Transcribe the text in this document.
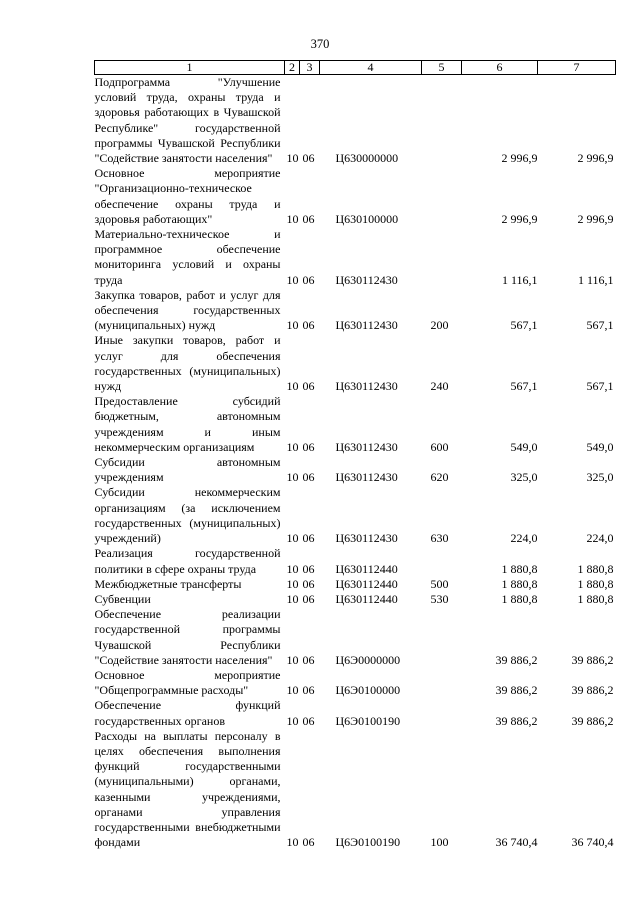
370
1	2	3	4	5	6	7
Подпрограмма "Улучшение условий труда, охраны труда и здоровья работающих в Чувашской Республике" государственной программы Чувашской Республики "Содействие занятости населения"	10	06	Ц630000000		2 996,9	2 996,9
Основное мероприятие "Организационно-техническое обеспечение охраны труда и здоровья работающих"	10	06	Ц630100000		2 996,9	2 996,9
Материально-техническое и программное обеспечение мониторинга условий и охраны труда	10	06	Ц630112430		1 116,1	1 116,1
Закупка товаров, работ и услуг для обеспечения государственных (муниципальных) нужд	10	06	Ц630112430	200	567,1	567,1
Иные закупки товаров, работ и услуг для обеспечения государственных (муниципальных) нужд	10	06	Ц630112430	240	567,1	567,1
Предоставление субсидий бюджетным, автономным учреждениям и иным некоммерческим организациям	10	06	Ц630112430	600	549,0	549,0
Субсидии автономным учреждениям	10	06	Ц630112430	620	325,0	325,0
Субсидии некоммерческим организациям (за исключением государственных (муниципальных) учреждений)	10	06	Ц630112430	630	224,0	224,0
Реализация государственной политики в сфере охраны труда	10	06	Ц630112440		1 880,8	1 880,8
Межбюджетные трансферты	10	06	Ц630112440	500	1 880,8	1 880,8
Субвенции	10	06	Ц630112440	530	1 880,8	1 880,8
Обеспечение реализации государственной программы Чувашской Республики "Содействие занятости населения"	10	06	Ц6Э0000000		39 886,2	39 886,2
Основное мероприятие "Общепрограммные расходы"	10	06	Ц6Э0100000		39 886,2	39 886,2
Обеспечение функций государственных органов	10	06	Ц6Э0100190		39 886,2	39 886,2
Расходы на выплаты персоналу в целях обеспечения выполнения функций государственными (муниципальными) органами, казенными учреждениями, органами управления государственными внебюджетными фондами	10	06	Ц6Э0100190	100	36 740,4	36 740,4
